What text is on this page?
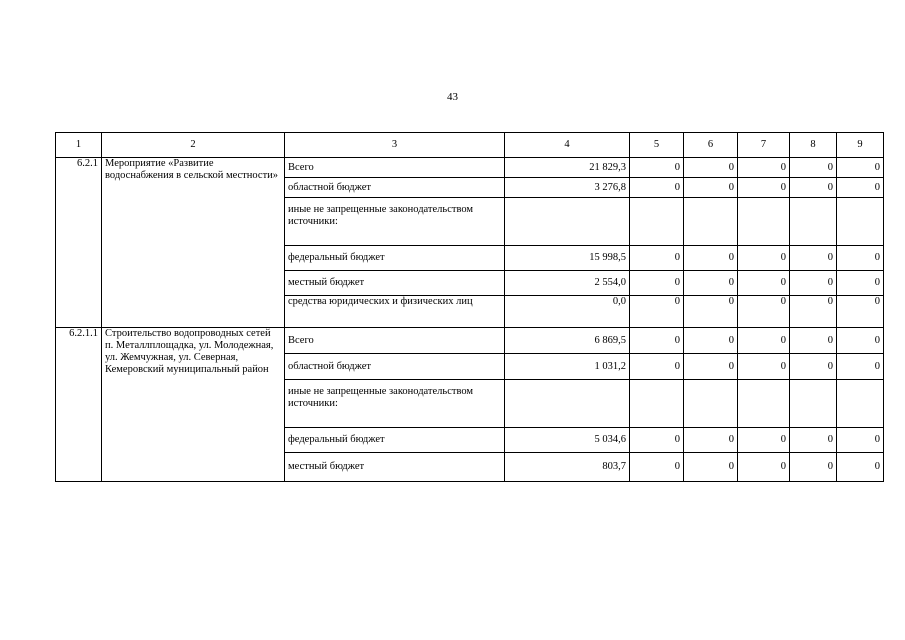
43
1	2	3	4	5	6	7	8	9
6.2.1	Мероприятие «Развитие водоснабжения в сельской местности»	Всего	21 829,3	0	0	0	0	0
		областной бюджет	3 276,8	0	0	0	0	0
		иные не запрещенные законодательством источники:						
		федеральный бюджет	15 998,5	0	0	0	0	0
		местный бюджет	2 554,0	0	0	0	0	0
		средства юридических и физических лиц	0,0	0	0	0	0	0
6.2.1.1	Строительство водопроводных сетей п. Металлплощадка, ул. Молодежная, ул. Жемчужная, ул. Северная, Кемеровский муниципальный район	Всего	6 869,5	0	0	0	0	0
		областной бюджет	1 031,2	0	0	0	0	0
		иные не запрещенные законодательством источники:						
		федеральный бюджет	5 034,6	0	0	0	0	0
		местный бюджет	803,7	0	0	0	0	0
